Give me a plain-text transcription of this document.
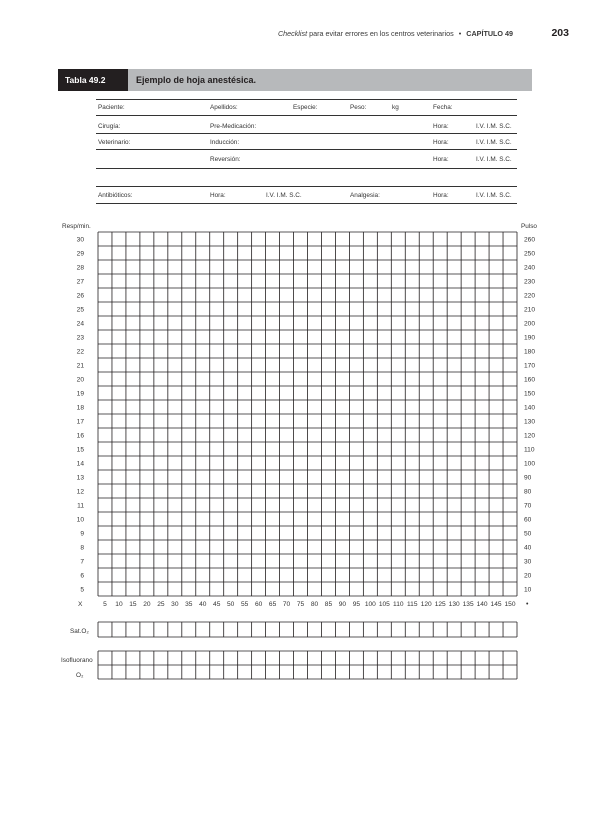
Checklist para evitar errores en los centros veterinarios • CAPÍTULO 49	203
Tabla 49.2	Ejemplo de hoja anestésica.
Paciente:	Apellidos:	Especie:	Peso:	kg	Fecha:
Cirugía:	Pre-Medicación:	Hora:	I.V. I.M. S.C.
Veterinario:	Inducción:	Hora:	I.V. I.M. S.C.
Reversión:	Hora:	I.V. I.M. S.C.
Antibióticos:	Hora:	I.V. I.M. S.C.	Analgesia:	Hora:	I.V. I.M. S.C.
Resp/min.	Pulso
30	260
29	250
28	240
27	230
26	220
25	210
24	200
23	190
22	180
21	170
20	160
19	150
18	140
17	130
16	120
15	110
14	100
13	90
12	80
11	70
10	60
9	50
8	40
7	30
6	20
5	10
5 10 15 20 25 30 35 40 45 50 55 60 65 70 75 80 85 90 95 100 105 110 115 120 125 130 135 140 145 150
X	•
Sat.O₂
Isofluorano
O₂
